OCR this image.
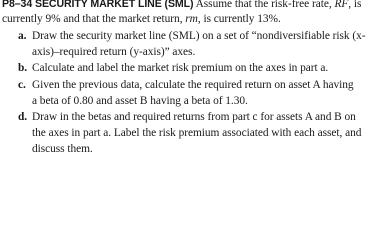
P8–34 SECURITY MARKET LINE (SML) Assume that the risk-free rate, RF, is
currently 9% and that the market return, rm, is currently 13%.
a. Draw the security market line (SML) on a set of “nondiversifiable risk (x-
axis)–required return (y-axis)” axes.
b. Calculate and label the market risk premium on the axes in part a.
c. Given the previous data, calculate the required return on asset A having
a beta of 0.80 and asset B having a beta of 1.30.
d. Draw in the betas and required returns from part c for assets A and B on
the axes in part a. Label the risk premium associated with each asset, and
discuss them.
